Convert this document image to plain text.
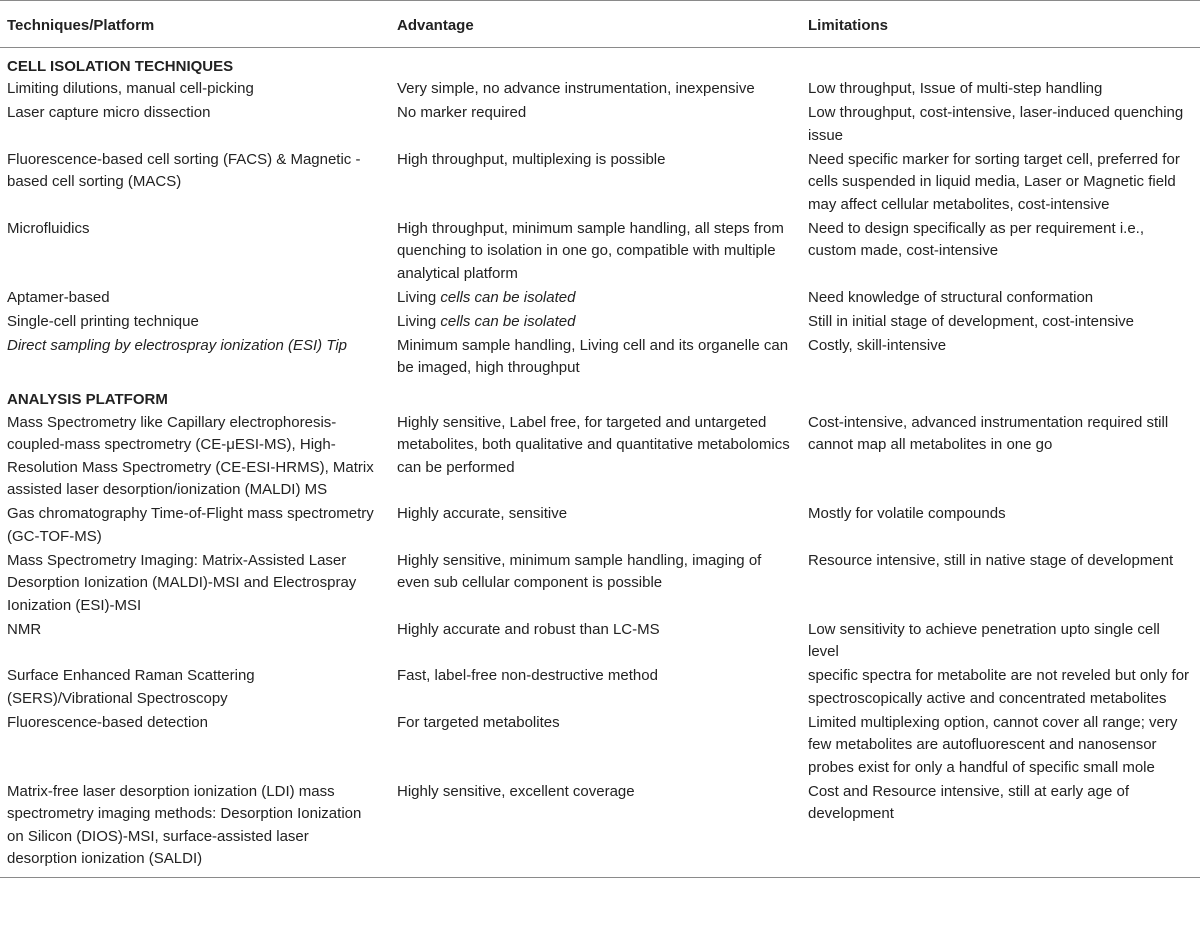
Techniques/Platform	Advantage	Limitations
CELL ISOLATION TECHNIQUES		
Limiting dilutions, manual cell-picking	Very simple, no advance instrumentation, inexpensive	Low throughput, Issue of multi-step handling
Laser capture micro dissection	No marker required	Low throughput, cost-intensive, laser-induced quenching issue
Fluorescence-based cell sorting (FACS) & Magnetic -based cell sorting (MACS)	High throughput, multiplexing is possible	Need specific marker for sorting target cell, preferred for cells suspended in liquid media, Laser or Magnetic field may affect cellular metabolites, cost-intensive
Microfluidics	High throughput, minimum sample handling, all steps from quenching to isolation in one go, compatible with multiple analytical platform	Need to design specifically as per requirement i.e., custom made, cost-intensive
Aptamer-based	Living cells can be isolated	Need knowledge of structural conformation
Single-cell printing technique	Living cells can be isolated	Still in initial stage of development, cost-intensive
Direct sampling by electrospray ionization (ESI) Tip	Minimum sample handling, Living cell and its organelle can be imaged, high throughput	Costly, skill-intensive
ANALYSIS PLATFORM		
Mass Spectrometry like Capillary electrophoresis-coupled-mass spectrometry (CE-μESI-MS), High-Resolution Mass Spectrometry (CE-ESI-HRMS), Matrix assisted laser desorption/ionization (MALDI) MS	Highly sensitive, Label free, for targeted and untargeted metabolites, both qualitative and quantitative metabolomics can be performed	Cost-intensive, advanced instrumentation required still cannot map all metabolites in one go
Gas chromatography Time-of-Flight mass spectrometry (GC-TOF-MS)	Highly accurate, sensitive	Mostly for volatile compounds
Mass Spectrometry Imaging: Matrix-Assisted Laser Desorption Ionization (MALDI)-MSI and Electrospray Ionization (ESI)-MSI	Highly sensitive, minimum sample handling, imaging of even sub cellular component is possible	Resource intensive, still in native stage of development
NMR	Highly accurate and robust than LC-MS	Low sensitivity to achieve penetration upto single cell level
Surface Enhanced Raman Scattering (SERS)/Vibrational Spectroscopy	Fast, label-free non-destructive method	specific spectra for metabolite are not reveled but only for spectroscopically active and concentrated metabolites
Fluorescence-based detection	For targeted metabolites	Limited multiplexing option, cannot cover all range; very few metabolites are autofluorescent and nanosensor probes exist for only a handful of specific small mole
Matrix-free laser desorption ionization (LDI) mass spectrometry imaging methods: Desorption Ionization on Silicon (DIOS)-MSI, surface-assisted laser desorption ionization (SALDI)	Highly sensitive, excellent coverage	Cost and Resource intensive, still at early age of development
